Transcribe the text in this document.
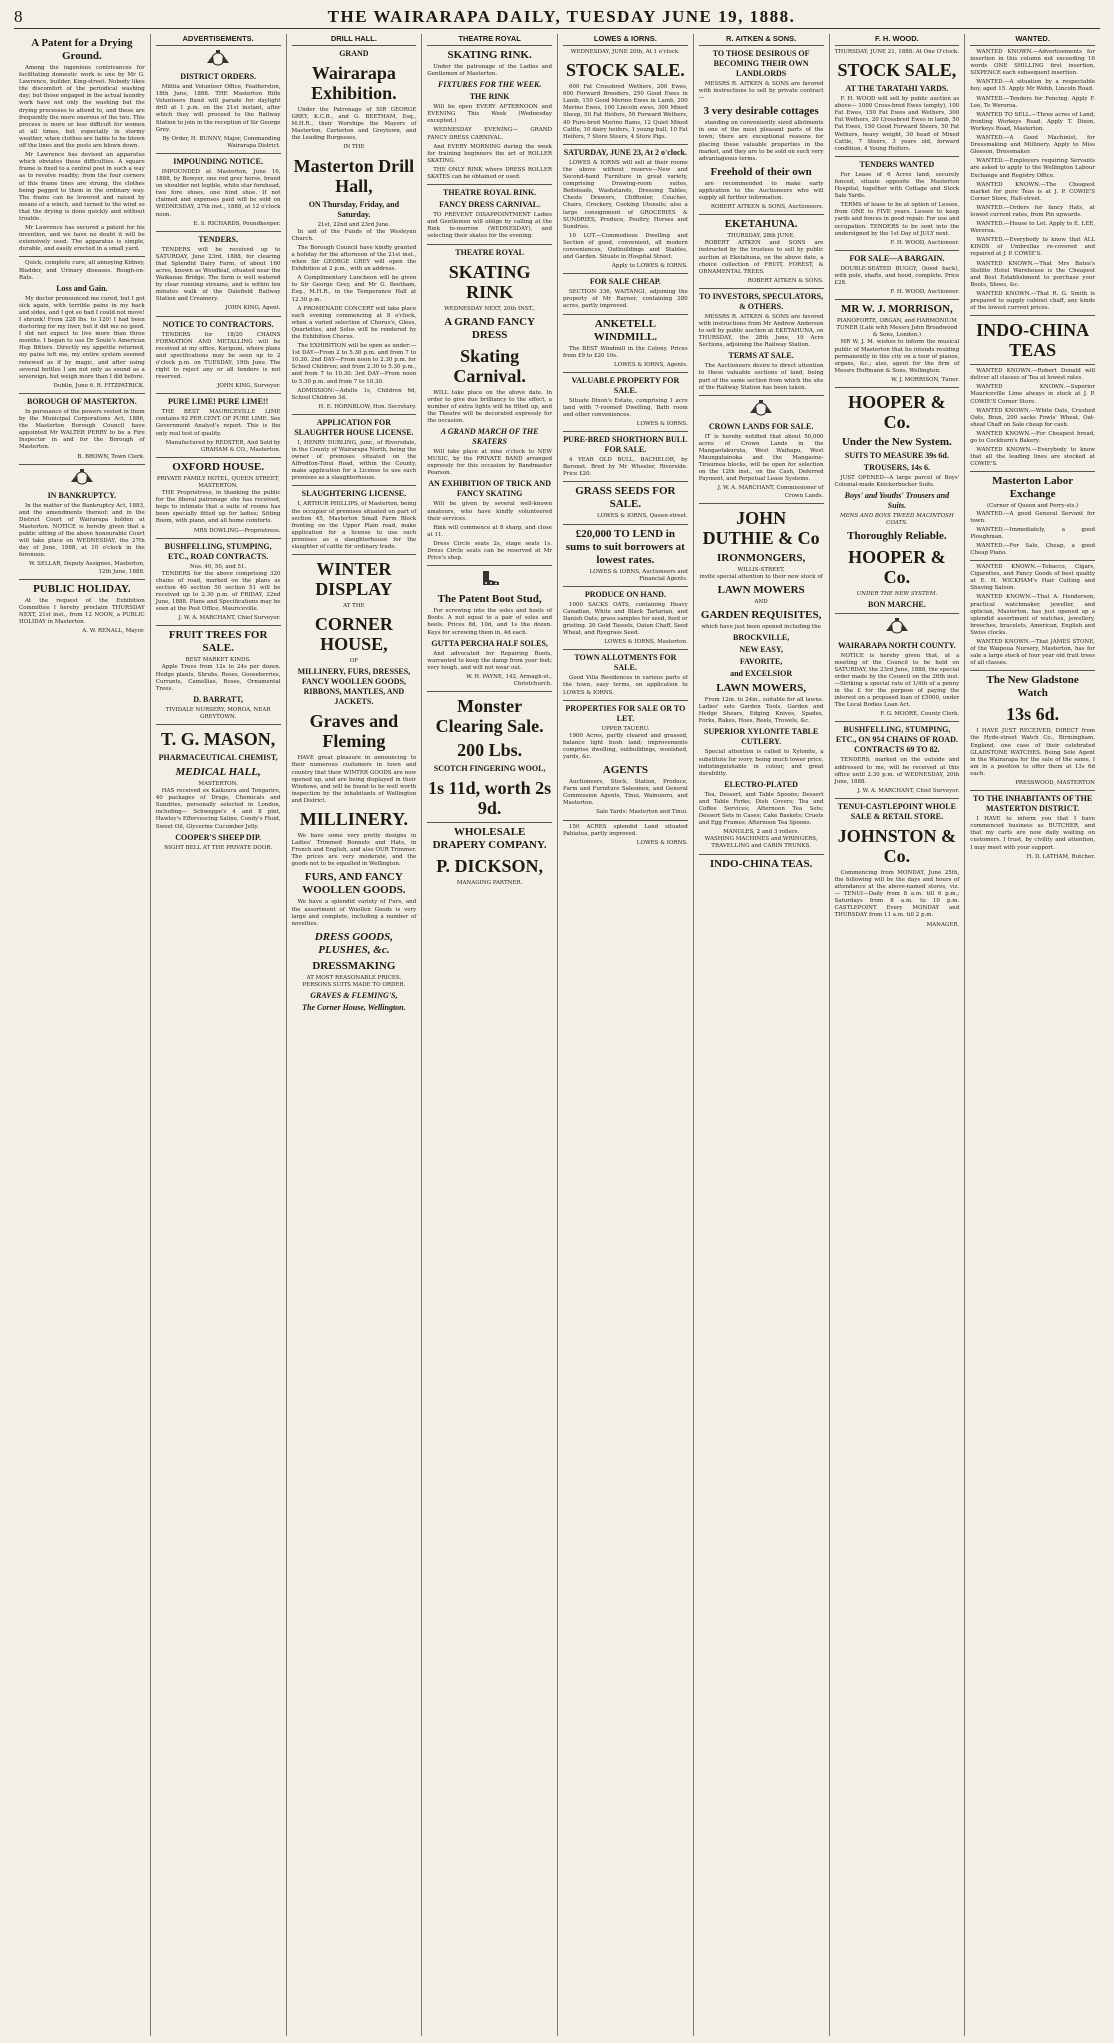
8	THE WAIRARAPA DAILY, TUESDAY JUNE 19, 1888.
A Patent for a Drying Ground.

Among the ingenious contrivances for facilitating domestic work is one by Mr G. Lawrence, builder, King-street. Nobody likes the discomfort of the periodical washing day; but those engaged in the actual laundry work have not only the washing but the drying processes to attend to, and these are frequently the more onerous of the two. This process is more or less difficult for women at all times, but especially in stormy weather, when clothes are liable to be blown off the lines and the posts are blown down.

Mr Lawrence has devised an apparatus which obviates these difficulties. A square frame is fixed to a central post in such a way as to revolve readily; from the four corners of this frame lines are strung, the clothes being pegged to them in the ordinary way. The frame can be lowered and raised by means of a winch, and turned to the wind so that the drying is done quickly and without trouble.

Mr Lawrence has secured a patent for his invention, and we have no doubt it will be extensively used. The apparatus is simple, durable, and easily erected in a small yard.

Quick, complete cure, all annoying Kidney, Bladder, and Urinary diseases. Rough-on-Rats.

Loss and Gain.

My doctor pronounced me cured, but I got sick again, with terrible pains in my back and sides, and I got so bad I could not move! I shrunk! From 228 lbs. to 120! I had been doctoring for my liver, but it did me no good. I did not expect to live more than three months. I began to use Dr Soule's American Hop Bitters. Directly my appetite returned, my pains left me, my entire system seemed renewed as if by magic, and after using several bottles I am not only as sound as a sovereign, but weigh more than I did before.

Dublin, June 6. R. FITZPATRICK.
BOROUGH OF MASTERTON.

In pursuance of the powers vested in them by the Municipal Corporations Act, 1886, the Masterton Borough Council have appointed Mr WALTER PERRY to be a Fire Inspector in and for the Borough of Masterton.

B. BROWN, Town Clerk.
IN BANKRUPTCY.

In the matter of the Bankruptcy Act, 1883, and the amendments thereof; and in the District Court of Wairarapa holden at Masterton. NOTICE is hereby given that a public sitting of the above honourable Court will take place on WEDNESDAY, the 27th day of June, 1888, at 10 o'clock in the forenoon.

W. SELLAR, Deputy Assignee, Masterton, 12th June, 1888.
PUBLIC HOLIDAY.

At the request of the Exhibition Committee I hereby proclaim THURSDAY NEXT, 21st inst., from 12 NOON, a PUBLIC HOLIDAY in Masterton.

A. W. RENALL, Mayor.
ADVERTISEMENTS.
DISTRICT ORDERS.

Militia and Volunteer Office, Featherston, 18th June, 1888. THE Masterton Rifle Volunteers Band will parade for daylight drill at 1 p.m. on the 21st instant, after which they will proceed to the Railway Station to join in the reception of Sir George Grey.

By Order, H. BUNNY, Major, Commanding Wairarapa District.
IMPOUNDING NOTICE.

IMPOUNDED at Masterton, June 16, 1888, by Bowyer, one red grey horse, brand on shoulder not legible, white star forehead, two fore shoes, one hind shoe. If not claimed and expenses paid will be sold on WEDNESDAY, 27th inst., 1888, at 12 o'clock noon.

E. S. RICHARDS, Poundkeeper.
TENDERS.

TENDERS will be received up to SATURDAY, June 23rd, 1888, for clearing that Splendid Dairy Farm, of about 160 acres, known as Woodleaf, situated near the Waikanae Bridge. The farm is well watered by clear running streams, and is within ten minutes walk of the Dalefield Railway Station and Creamery.

JOHN KING, Agent.
NOTICE TO CONTRACTORS.

TENDERS for 18/20 CHAINS FORMATION AND METALLING will be received at my office, Kuripuni, where plans and specifications may be seen up to 2 o'clock p.m. on TUESDAY, 19th June. The right to reject any or all tenders is not reserved.

JOHN KING, Surveyor.
PURE LIME! PURE LIME!!

THE BEST MAURICEVILLE LIME contains 92 PER CENT. OF PURE LIME. See Government Analyst's report. This is the only real test of quality.

Manufactured by REDSTER, And Sold by GRAHAM & CO., Masterton.
OXFORD HOUSE.
PRIVATE FAMILY HOTEL, QUEEN STREET, MASTERTON.

THE Proprietress, in thanking the public for the liberal patronage she has received, begs to intimate that a suite of rooms has been specially fitted up for ladies; Sitting Room, with piano, and all home comforts.

MRS DOWLING—Proprietress.
BUSHFELLING, STUMPING, ETC., ROAD CONTRACTS.
Nos. 40, 50, and 51.

TENDERS for the above comprising 320 chains of road, marked on the plans as section 40 section 50 section 51 will be received up to 2.30 p.m. of FRIDAY, 22nd June, 1888. Plans and Specifications may be seen at the Post Office, Mauriceville.

J. W. A. MARCHANT, Chief Surveyor.
FRUIT TREES FOR SALE.
BEST MARKET KINDS.

Apple Trees from 12s to 24s per dozen. Hedge plants, Shrubs, Roses, Gooseberries, Currants, Camellias, Roses, Ornamental Trees.

D. BARRATT,
TIVIDALE NURSERY, MOROA, NEAR GREYTOWN.
T. G. MASON,
PHARMACEUTICAL CHEMIST,
MEDICAL HALL,
MASTERTON.

HAS received ex Kaikoura and Tongariro, 40 packages of Drugs, Chemicals and Sundries, personally selected in London, including— Schweppe's 4 and 8 pint, Hawley's Effervescing Saline, Condy's Fluid, Sweet Oil, Glycerine Cucumber Jelly.

COOPER'S SHEEP DIP.
NIGHT BELL AT THE PRIVATE DOOR.
DRILL HALL.
GRAND
Wairarapa Exhibition.

Under the Patronage of SIR GEORGE GREY, K.C.B., and G. BEETHAM, Esq., M.H.R., their Worships the Mayors of Masterton, Carterton and Greytown, and the Leading Burgesses,

IN THE
Masterton Drill Hall,
ON Thursday, Friday, and Saturday.
21st, 22nd and 23rd June.

In aid of the Funds of the Wesleyan Church.

The Borough Council have kindly granted a holiday for the afternoon of the 21st inst., when Sir GEORGE GREY will open the Exhibition at 2 p.m., with an address.

A Complimentary Luncheon will be given to Sir George Grey, and Mr G. Beetham, Esq., M.H.R., in the Temperance Hall at 12.30 p.m.

A PROMENADE CONCERT will take place each evening commencing at 8 o'clock, when a varied selection of Chorus's, Glees, Quartettes, and Solos will be rendered by the Exhibition Chorus.

The EXHIBITION will be open as under:— 1st DAY—From 2 to 5.30 p.m. and from 7 to 10.30. 2nd DAY—From noon to 2.30 p.m. for School Children; and from 2.30 to 5.30 p.m., and from 7 to 10.30. 3rd DAY—From noon to 5.30 p.m. and from 7 to 10.30.

ADMISSION:—Adults 1s, Children 6d, School Children 3d.

H. E. HORNBLOW, Hon. Secretary.
APPLICATION FOR SLAUGHTER HOUSE LICENSE.

I, HENRY DUBLING, junr., of Riversdale, in the County of Wairarapa North, being the owner of premises situated on the Alfredton-Tinui Road, within the County, make application for a License to use such premises as a slaughterhouse.

SLAUGHTERING LICENSE.

I, ARTHUR PHILLIPS, of Masterton, being the occupier of premises situated on part of section 45, Masterton Small Farm Block fronting on the Upper Plain road, make application for a license to use such premises as a slaughterhouse for the slaughter of cattle for ordinary trade.

WINTER DISPLAY
AT THE
CORNER HOUSE,
OF
MILLINERY, FURS, DRESSES, FANCY WOOLLEN GOODS, RIBBONS, MANTLES, AND JACKETS.
Graves and Fleming

HAVE great pleasure in announcing to their numerous customers in town and country that their WINTER GOODS are now opened up, and are being displayed in their Windows, and will be found to be well worth inspection by the inhabitants of Wellington and District.

MILLINERY.

We have some very pretty designs in Ladies' Trimmed Bonnets and Hats, in French and English, and also OUR Trimmer. The prices are very moderate, and the goods not to be equalled in Wellington.

FURS, AND FANCY WOOLLEN GOODS.

We have a splendid variety of Furs, and the assortment of Woollen Goods is very large and complete, including a number of novelties.

DRESS GOODS, PLUSHES, &c.
DRESSMAKING
AT MOST REASONABLE PRICES.
PERSONS SUITS MADE TO ORDER.
GRAVES & FLEMING'S,
The Corner House, Wellington.
THEATRE ROYAL
SKATING RINK.

Under the patronage of the Ladies and Gentlemen of Masterton.

FIXTURES FOR THE WEEK.
THE RINK

Will be open EVERY AFTERNOON and EVENING This Week (Wednesday excepted.)

WEDNESDAY EVENING— GRAND FANCY DRESS CARNIVAL.

And EVERY MORNING during the week for training beginners the art of ROLLER SKATING.

THE ONLY RINK where DRESS ROLLER SKATES can be obtained or used.

THEATRE ROYAL RINK.
FANCY DRESS CARNIVAL.

TO PREVENT DISAPPOINTMENT Ladies and Gentlemen will oblige by calling at the Rink to-morrow (WEDNESDAY), and selecting their skates for the evening.

THEATRE ROYAL
SKATING RINK
WEDNESDAY NEXT, 20th INST.,
A GRAND FANCY DRESS
Skating Carnival.

WILL take place on the above date. In order to give due brilliancy to the effect, a number of extra lights will be fitted up, and the Theatre will be decorated expressly for the occasion.

A GRAND MARCH OF THE SKATERS

Will take place at nine o'clock to NEW MUSIC, by the PRIVATE BAND arranged expressly for this occasion by Bandmaster Pearson.

AN EXHIBITION OF TRICK AND FANCY SKATING

Will be given by several well-known amateurs, who have kindly volunteered their services.

Rink will commence at 8 sharp, and close at 11.

Dress Circle seats 2s, stage seats 1s. Dress Circle seats can be reserved at Mr Price's shop.

The Patent Boot Stud,

For screwing into the soles and heels of Boots. A nut equal to a pair of soles and heels. Prices 8d, 10d, and 1s the dozen. Keys for screwing them in, 4d each.

GUTTA PERCHA HALF SOLES,

And advocated for Repairing Boots, warranted to keep the damp from your feet; very tough, and will not wear out.

W. H. PAYNE, 142, Armagh-st., Christchurch.
Monster Clearing Sale.
200 Lbs.
SCOTCH FINGERING WOOL,
1s 11d, worth 2s 9d.
WHOLESALE DRAPERY COMPANY.
P. DICKSON,
MANAGING PARTNER.
LOWES & IORNS.
WEDNESDAY, JUNE 20th, At 1 o'clock.
STOCK SALE.

600 Fat Crossbred Wethers, 200 Ewes, 600 Forward Breeders, 250 Good Ewes in Lamb, 150 Good Merino Ewes in Lamb, 200 Merino Ewes, 100 Lincoln ewes, 300 Mixed Sheep, 50 Fat Heifers, 50 Forward Wethers, 40 Pure-bred Merino Rams, 12 Quiet Mixed Cattle, 10 dairy heifers, 1 young bull, 10 Fat Heifers, 7 Store Steers, 4 Store Pigs.

SATURDAY, JUNE 23, At 2 o'clock.

LOWES & IORNS will sell at their rooms the above without reserve—New and Second-hand Furniture in great variety, comprising Drawing-room suites, Bedsteads, Washstands, Dressing Tables, Chests Drawers, Chiffonier, Couches, Chairs, Crockery, Cooking Utensils; also a large consignment of GROCERIES & SUNDRIES, Produce, Poultry, Horses and Sundries.

10 LOT.—Commodious Dwelling and Section of good, convenient, all modern conveniences, Outbuildings and Stables, and Garden. Situate in Hospital Street.

Apply to LOWES & IORNS.
FOR SALE CHEAP.

SECTION 336, WAITANGI, adjoining the property of Mr Rayner, containing 280 acres, partly improved.

ANKETELL WINDMILL.

The BEST Windmill in the Colony. Prices from £9 to £20 10s.

LOWES & IORNS, Agents.
VALUABLE PROPERTY FOR SALE.

Situate Dixon's Estate, comprising 1 acre land with 7-roomed Dwelling, Bath room and other conveniences.

LOWES & IORNS.
PURE-BRED SHORTHORN BULL FOR SALE.

4 YEAR OLD BULL, BACHELOR, by Baronet. Bred by Mr Wheeler, Riverside. Price £20.

GRASS SEEDS FOR SALE.
LOWES & IORNS, Queen-street.
£20,000 TO LEND in sums to suit borrowers at lowest rates.
LOWES & IORNS, Auctioneers and Financial Agents.
PRODUCE ON HAND.

1000 SACKS OATS, containing Heavy Canadian, White and Black Tartarian, and Danish Oats; grass samples for seed, feed or gristing. 20 Gold Tassels, Oaten Chaff, Seed Wheat, and Ryegrass Seed.

LOWES & IORNS, Masterton.
TOWN ALLOTMENTS FOR SALE.

Good Villa Residences in various parts of the town, easy terms, on application to LOWES & IORNS.

PROPERTIES FOR SALE OR TO LET.
UPPER TAUERU.

1900 Acres, partly cleared and grassed, balance light bush land; improvements comprise dwelling, outbuildings, woolshed, yards, &c.

AGENTS

Auctioneers, Stock, Station, Produce, Farm and Furniture Salesmen, and General Commission Agents, Tinui, Wainuioru, and Masterton.

Sale Yards: Masterton and Tinui.

150 ACRES splendid Land situated Pahiatua, partly improved.

LOWES & IORNS.
R. AITKEN & SONS.
TO THOSE DESIROUS OF BECOMING THEIR OWN LANDLORDS

MESSRS R. AITKEN & SONS are favored with instructions to sell by private contract—

3 very desirable cottages

standing on conveniently sized allotments in one of the most pleasant parts of the town; there are exceptional reasons for placing these valuable properties in the market, and they are to be sold on such very advantageous terms.

Freehold of their own

are recommended to make early application to the Auctioneers who will supply all further information.

ROBERT AITKEN & SONS, Auctioneers.
EKETAHUNA.
THURSDAY, 28th JUNE.

ROBERT AITKEN and SONS are instructed by the trustees to sell by public auction at Eketahuna, on the above date, a choice collection of FRUIT, FOREST, & ORNAMENTAL TREES.

ROBERT AITKEN & SONS.
TO INVESTORS, SPECULATORS, & OTHERS.

MESSRS R. AITKEN & SONS are favored with instructions from Mr Andrew Anderson to sell by public auction at EKETAHUNA, on THURSDAY, the 28th June, 19 Acre Sections, adjoining the Railway Station.

TERMS AT SALE.

The Auctioneers desire to direct attention to these valuable sections of land, being part of the same section from which the site of the Railway Station has been taken.

CROWN LANDS FOR SALE.

IT is hereby notified that about 50,000 acres of Crown Lands in the Mangaotakuruta, West Waihapu, West Maungatainoka and the Mangaone-Tiraumea blocks, will be open for selection on the 12th inst., on the Cash, Deferred Payment, and Perpetual Lease Systems.

J. W. A. MARCHANT, Commissioner of Crown Lands.
JOHN DUTHIE & Co
IRONMONGERS,
WILLIS-STREET,
invite special attention to their new stock of
LAWN MOWERS
AND
GARDEN REQUISITES,
which have just been opened including the
BROCKVILLE,
NEW EASY,
FAVORITE,
and EXCELSIOR
LAWN MOWERS,

From 12in. to 24in., suitable for all lawns. Ladies' sets Garden Tools, Garden and Hedge Shears, Edging Knives, Spades, Forks, Rakes, Hoes, Reels, Trowels, &c.

SUPERIOR XYLONITE TABLE CUTLERY.

Special attention is called to Xylonite, a substitute for ivory, being much lower price, indistinguishable in colour, and great durability.

ELECTRO-PLATED

Tea, Dessert, and Table Spoons; Dessert and Table Forks; Dish Covers; Tea and Coffee Services; Afternoon Tea Sets; Dessert Sets in Cases; Cake Baskets; Cruets and Egg Frames; Afternoon Tea Spoons.

MANGLES, 2 and 3 rollers.
WASHING MACHINES and WRINGERS, TRAVELLING and CABIN TRUNKS.
INDO-CHINA TEAS.
F. H. WOOD.
THURSDAY, JUNE 21, 1888. At One O'clock.
STOCK SALE,
AT THE TARATAHI YARDS.

F. H. WOOD will sell by public auction as above— 1000 Cross-bred Ewes (empty), 100 Fat Ewes, 150 Fat Ewes and Wethers, 300 Fat Wethers, 20 Crossbred Ewes in lamb, 50 Fat Ewes, 150 Good Forward Steers, 50 Fat Wethers, heavy weight, 30 head of Mixed Cattle, 7 Steers, 3 years old, forward condition, 4 Young Heifers.

TENDERS WANTED

For Lease of 6 Acres land, securely fenced, situate opposite the Masterton Hospital, together with Cottage and Stock Sale Yards.

TERMS of lease to be at option of Lessee, from ONE to FIVE years. Lessee to keep yards and fences in good repair. For use and occupation. TENDERS to be sent into the undersigned by the 1st Day of JULY next.

F. H. WOOD, Auctioneer.
FOR SALE—A BARGAIN.

DOUBLE-SEATED BUGGY, (hood back), with pole, shafts, and hood, complete. Price £28.

F. H. WOOD, Auctioneer.
MR W. J. MORRISON,
PIANOFORTE, ORGAN, and HARMONIUM TUNER (Late with Messrs John Broadwood & Sons, London.)

MR W. J. M. wishes to inform the musical public of Masterton that he intends residing permanently in this city on a tour of pianos, organs, &c.; also, agent for the firm of Messrs Hoffmann & Sons, Wellington.

W. J. MORRISON, Tuner.
HOOPER & Co.
Under the New System.
SUITS TO MEASURE 39s 6d.
TROUSERS, 14s 6.

JUST OPENED—A large parcel of Boys' Colonial-made Knickerbocker Suits.

Boys' and Youths' Trousers and Suits.
MENS AND BOYS TWEED MACINTOSH COATS.
Thoroughly Reliable.
HOOPER & Co.
UNDER THE NEW SYSTEM.
BON MARCHE.
WAIRARAPA NORTH COUNTY.

NOTICE is hereby given that, at a meeting of the Council to be held on SATURDAY, the 23rd June, 1888, the special order made by the Council on the 26th inst.—Striking a special rate of 1/4th of a penny in the £ for the purpose of paying the interest on a proposed loan of £5000, under The Local Bodies Loan Act.

F. G. MOORE, County Clerk.
BUSHFELLING, STUMPING, ETC., ON 954 CHAINS OF ROAD. CONTRACTS 69 TO 82.

TENDERS, marked on the outside and addressed to me, will be received at this office until 2.30 p.m. of WEDNESDAY, 20th June, 1888.

J. W. A. MARCHANT, Chief Surveyor.
TENUI-CASTLEPOINT WHOLE SALE & RETAIL STORE.
JOHNSTON & Co.

Commencing from MONDAY, June 25th, the following will be the days and hours of attendance at the above-named stores, viz.— TENUI—Daily from 8 a.m. till 6 p.m.; Saturdays from 8 a.m. to 10 p.m. CASTLEPOINT Every MONDAY and THURSDAY from 11 a.m. till 2 p.m.

MANAGER.
WANTED.

WANTED KNOWN.—Advertisements for insertion in this column not exceeding 16 words ONE SHILLING first insertion, SIXPENCE each subsequent insertion.

WANTED.—A situation by a respectable boy, aged 15. Apply Mr Webb, Lincoln Road.

WANTED.—Tenders for Fencing. Apply F. Lee, Te Wereroa.

WANTED TO SELL.—Three acres of Land, fronting Workeys Road. Apply T. Dixon, Workeys Road, Masterton.

WANTED.—A Good Machinist, for Dressmaking and Millinery. Apply to Miss Gleeson, Dressmaker.

WANTED.—Employers requiring Servants are asked to apply to the Wellington Labour Exchange and Registry Office.

WANTED KNOWN.—The Cheapest market for pure Teas is at J. P. COWIE'S Corner Store, Hall-street.

WANTED.—Orders for fancy Hats, at lowest current rates, from Pin upwards.

WANTED.—House to Let. Apply to E. LEE, Wereroa.

WANTED.—Everybody to know that ALL KINDS of Umbrellas re-covered and repaired at J. P. COWIE'S.

WANTED KNOWN.—That Mrs Bates's Stellite Hotel Warehouse is the Cheapest and Best Establishment to purchase your Boots, Shoes, &c.

WANTED KNOWN.—That R. G. Smith is prepared to supply cabinet chaff, any kinds of the lowest current prices.

INDO-CHINA TEAS

WANTED KNOWN.—Robert Donald will deliver all classes of Tea at lowest rates.

WANTED KNOWN.—Superior Mauriceville Lime always in stock at J. P. COWIE'S Corner Store.

WANTED KNOWN.—White Oats, Crushed Oats, Bran, 200 sacks Fowls' Wheat, Oat-sheaf Chaff on Sale cheap for cash.

WANTED KNOWN.—For Cheapest bread, go to Cockburn's Bakery.

WANTED KNOWN.—Everybody to know that all the leading lines are stocked at COWIE'S.

Masterton Labor Exchange
(Corner of Queen and Perry-sts.)

WANTED.—A good General Servant for town.

WANTED.—Immediately, a good Ploughman.

WANTED.—For Sale, Cheap, a good Cheap Piano.

WANTED KNOWN.—Tobacco, Cigars, Cigarettes, and Fancy Goods of best quality at E. H. WICKHAM's Hair Cutting and Shaving Saloon.

WANTED KNOWN.—That A. Henderson, practical watchmaker, jeweller, and optician, Masterton, has just opened up a splendid assortment of watches, jewellery, brooches, bracelets, American, English and Swiss clocks.

WANTED KNOWN.—That JAMES STONE, of the Waipoua Nursery, Masterton, has for sale a large stock of four year old fruit trees of all classes.

The New Gladstone Watch
13s 6d.

I HAVE JUST RECEIVED, DIRECT from the Hyde-street Watch Co., Birmingham, England, one case of their celebrated GLADSTONE WATCHES. Being Sole Agent in the Wairarapa for the sale of the same, I am in a position to offer them at 13s 6d each.

PRESSWOOD, MASTERTON
TO THE INHABITANTS OF THE MASTERTON DISTRICT.

I HAVE to inform you that I have commenced business as BUTCHER, and that my carts are now daily waiting on customers. I trust, by civility and attention, I may meet with your support.

H. D. LATHAM, Butcher.
